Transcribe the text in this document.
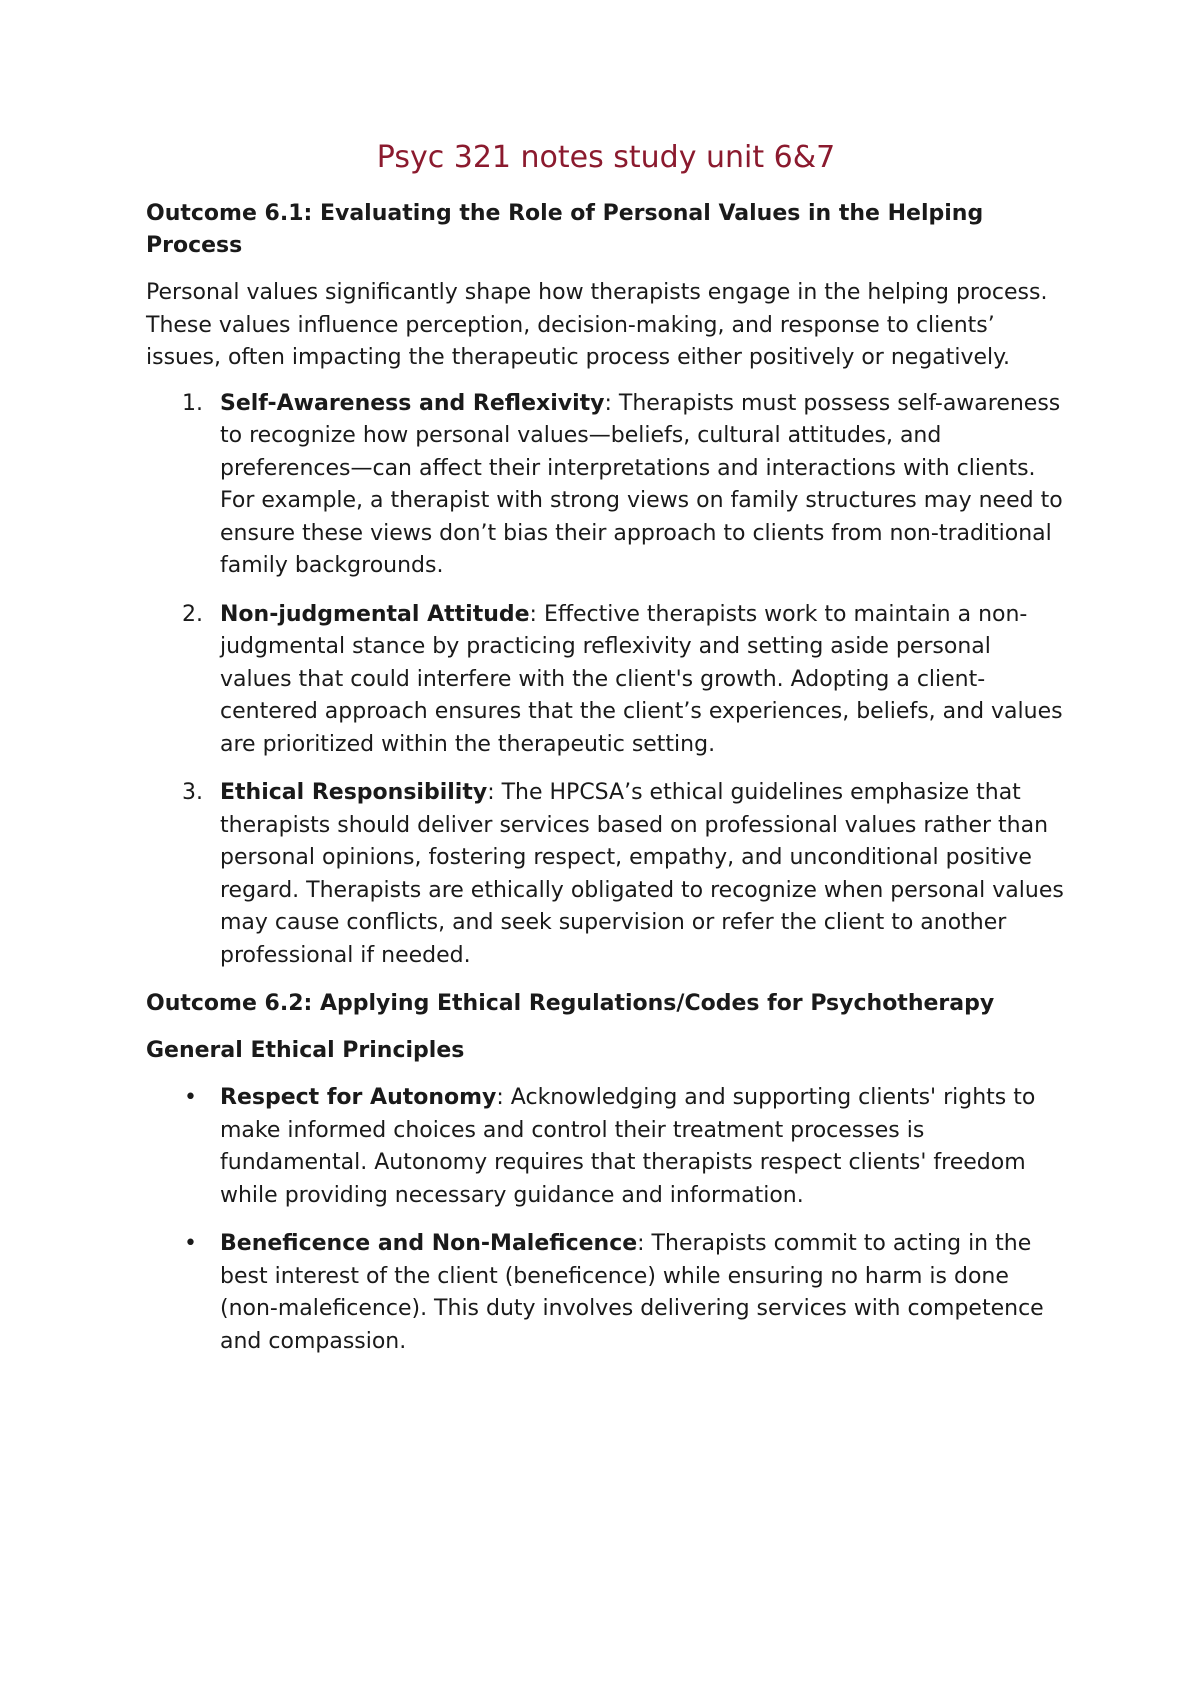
Psyc 321 notes study unit 6&7
Outcome 6.1: Evaluating the Role of Personal Values in the Helping Process

Personal values significantly shape how therapists engage in the helping process. These values influence perception, decision-making, and response to clients’ issues, often impacting the therapeutic process either positively or negatively.

1. Self-Awareness and Reflexivity: Therapists must possess self-awareness to recognize how personal values—beliefs, cultural attitudes, and preferences—can affect their interpretations and interactions with clients. For example, a therapist with strong views on family structures may need to ensure these views don’t bias their approach to clients from non-traditional family backgrounds.
2. Non-judgmental Attitude: Effective therapists work to maintain a non-judgmental stance by practicing reflexivity and setting aside personal values that could interfere with the client's growth. Adopting a client-centered approach ensures that the client’s experiences, beliefs, and values are prioritized within the therapeutic setting.
3. Ethical Responsibility: The HPCSA’s ethical guidelines emphasize that therapists should deliver services based on professional values rather than personal opinions, fostering respect, empathy, and unconditional positive regard. Therapists are ethically obligated to recognize when personal values may cause conflicts, and seek supervision or refer the client to another professional if needed.
Outcome 6.2: Applying Ethical Regulations/Codes for Psychotherapy
General Ethical Principles
• Respect for Autonomy: Acknowledging and supporting clients' rights to make informed choices and control their treatment processes is fundamental. Autonomy requires that therapists respect clients' freedom while providing necessary guidance and information.
• Beneficence and Non-Maleficence: Therapists commit to acting in the best interest of the client (beneficence) while ensuring no harm is done (non-maleficence). This duty involves delivering services with competence and compassion.
